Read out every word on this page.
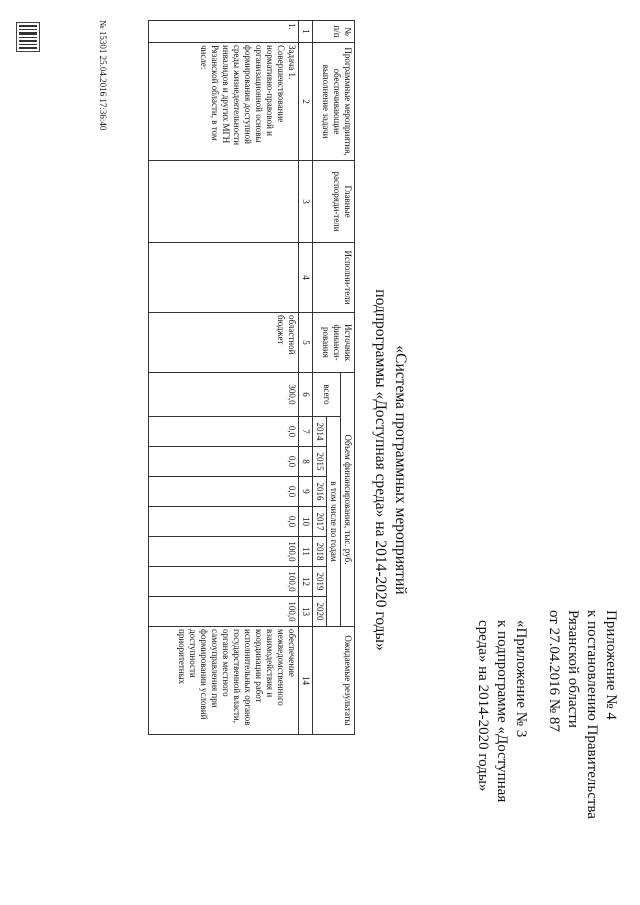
Приложение № 4
к постановлению Правительства
Рязанской области
от 27.04.2016 № 87
«Приложение № 3
к подпрограмме «Доступная
среда» на 2014-2020 годы»
«Система программных мероприятий
подпрограммы «Доступная среда» на 2014-2020 годы»
№ п/п	Программные мероприятия, обеспечивающие выполнение задачи	Главные распоряди-тели	Исполни-тели	Источник финанси-рования	Объем финансирования, тыс. руб.								Ожидаемые результаты
					всего	в том числе по годам							
						2014	2015	2016	2017	2018	2019	2020	
1	2	3	4	5	6	7	8	9	10	11	12	13	14
1.	Задача 1. Совершенствование нормативно-правовой и организационной основы формирования доступной среды жизнедеятельности инвалидов и других МГН Рязанской области, в том числе:			областной бюджет	300,0	0,0	0,0	0,0	0,0	100,0	100,0	100,0	обеспечение межведомственного взаимодействия и координации работ исполнительных органов государственной власти, органов местного самоуправления при формировании условий доступности приоритетных
№ 15301 25.04.2016 17:36:40
